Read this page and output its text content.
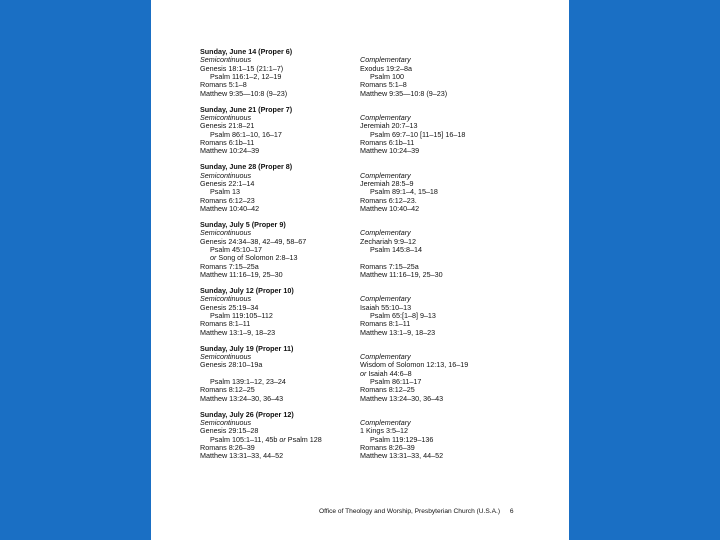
Sunday, June 14 (Proper 6)
Semicontinuous
Genesis 18:1–15 (21:1–7)
Psalm 116:1–2, 12–19
Romans 5:1–8
Matthew 9:35—10:8 (9–23)
Complementary
Exodus 19:2–8a
Psalm 100
Romans 5:1–8
Matthew 9:35—10:8 (9–23)
Sunday, June 21 (Proper 7)
Semicontinuous
Genesis 21:8–21
Psalm 86:1–10, 16–17
Romans 6:1b–11
Matthew 10:24–39
Complementary
Jeremiah 20:7–13
Psalm 69:7–10 [11–15] 16–18
Romans 6:1b–11
Matthew 10:24–39
Sunday, June 28 (Proper 8)
Semicontinuous
Genesis 22:1–14
Psalm 13
Romans 6:12–23
Matthew 10:40–42
Complementary
Jeremiah 28:5–9
Psalm 89:1–4, 15–18
Romans 6:12–23.
Matthew 10:40–42
Sunday, July 5 (Proper 9)
Semicontinuous
Genesis 24:34–38, 42–49, 58–67
Psalm 45:10–17
or Song of Solomon 2:8–13
Romans 7:15–25a
Matthew 11:16–19, 25–30
Complementary
Zechariah 9:9–12
Psalm 145:8–14
Romans 7:15–25a
Matthew 11:16–19, 25–30
Sunday, July 12 (Proper 10)
Semicontinuous
Genesis 25:19–34
Psalm 119:105–112
Romans 8:1–11
Matthew 13:1–9, 18–23
Complementary
Isaiah 55:10–13
Psalm 65:[1–8] 9–13
Romans 8:1–11
Matthew 13:1–9, 18–23
Sunday, July 19 (Proper 11)
Semicontinuous
Genesis 28:10–19a
Psalm 139:1–12, 23–24
Romans 8:12–25
Matthew 13:24–30, 36–43
Complementary
Wisdom of Solomon 12:13, 16–19
or Isaiah 44:6–8
Psalm 86:11–17
Romans 8:12–25
Matthew 13:24–30, 36–43
Sunday, July 26 (Proper 12)
Semicontinuous
Genesis 29:15–28
Psalm 105:1–11, 45b or Psalm 128
Romans 8:26–39
Matthew 13:31–33, 44–52
Complementary
1 Kings 3:5–12
Psalm 119:129–136
Romans 8:26–39
Matthew 13:31–33, 44–52
Office of Theology and Worship, Presbyterian Church (U.S.A.) 6
